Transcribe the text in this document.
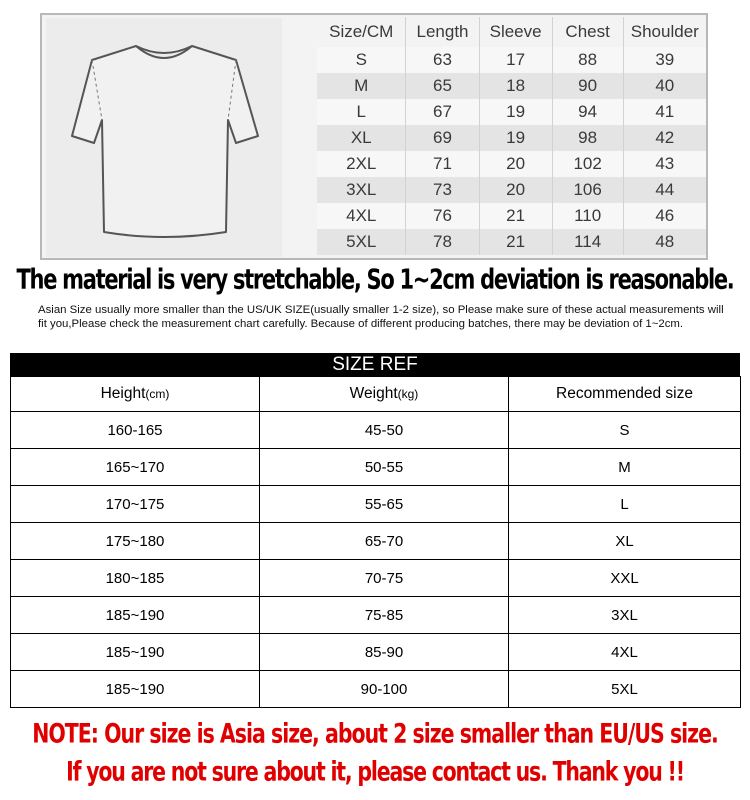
Size/CM	Length	Sleeve	Chest	Shoulder
S	63	17	88	39
M	65	18	90	40
L	67	19	94	41
XL	69	19	98	42
2XL	71	20	102	43
3XL	73	20	106	44
4XL	76	21	110	46
5XL	78	21	114	48
The material is very stretchable, So 1~2cm deviation is reasonable.
Asian Size usually more smaller than the US/UK SIZE(usually smaller 1-2 size), so Please make sure of these actual measurements will fit you,Please check the measurement chart carefully. Because of different producing batches, there may be deviation of 1~2cm.
SIZE REF
Height(cm)	Weight(kg)	Recommended size
160-165	45-50	S
165~170	50-55	M
170~175	55-65	L
175~180	65-70	XL
180~185	70-75	XXL
185~190	75-85	3XL
185~190	85-90	4XL
185~190	90-100	5XL
NOTE: Our size is Asia size, about 2 size smaller than EU/US size.
If you are not sure about it, please contact us. Thank you !!
